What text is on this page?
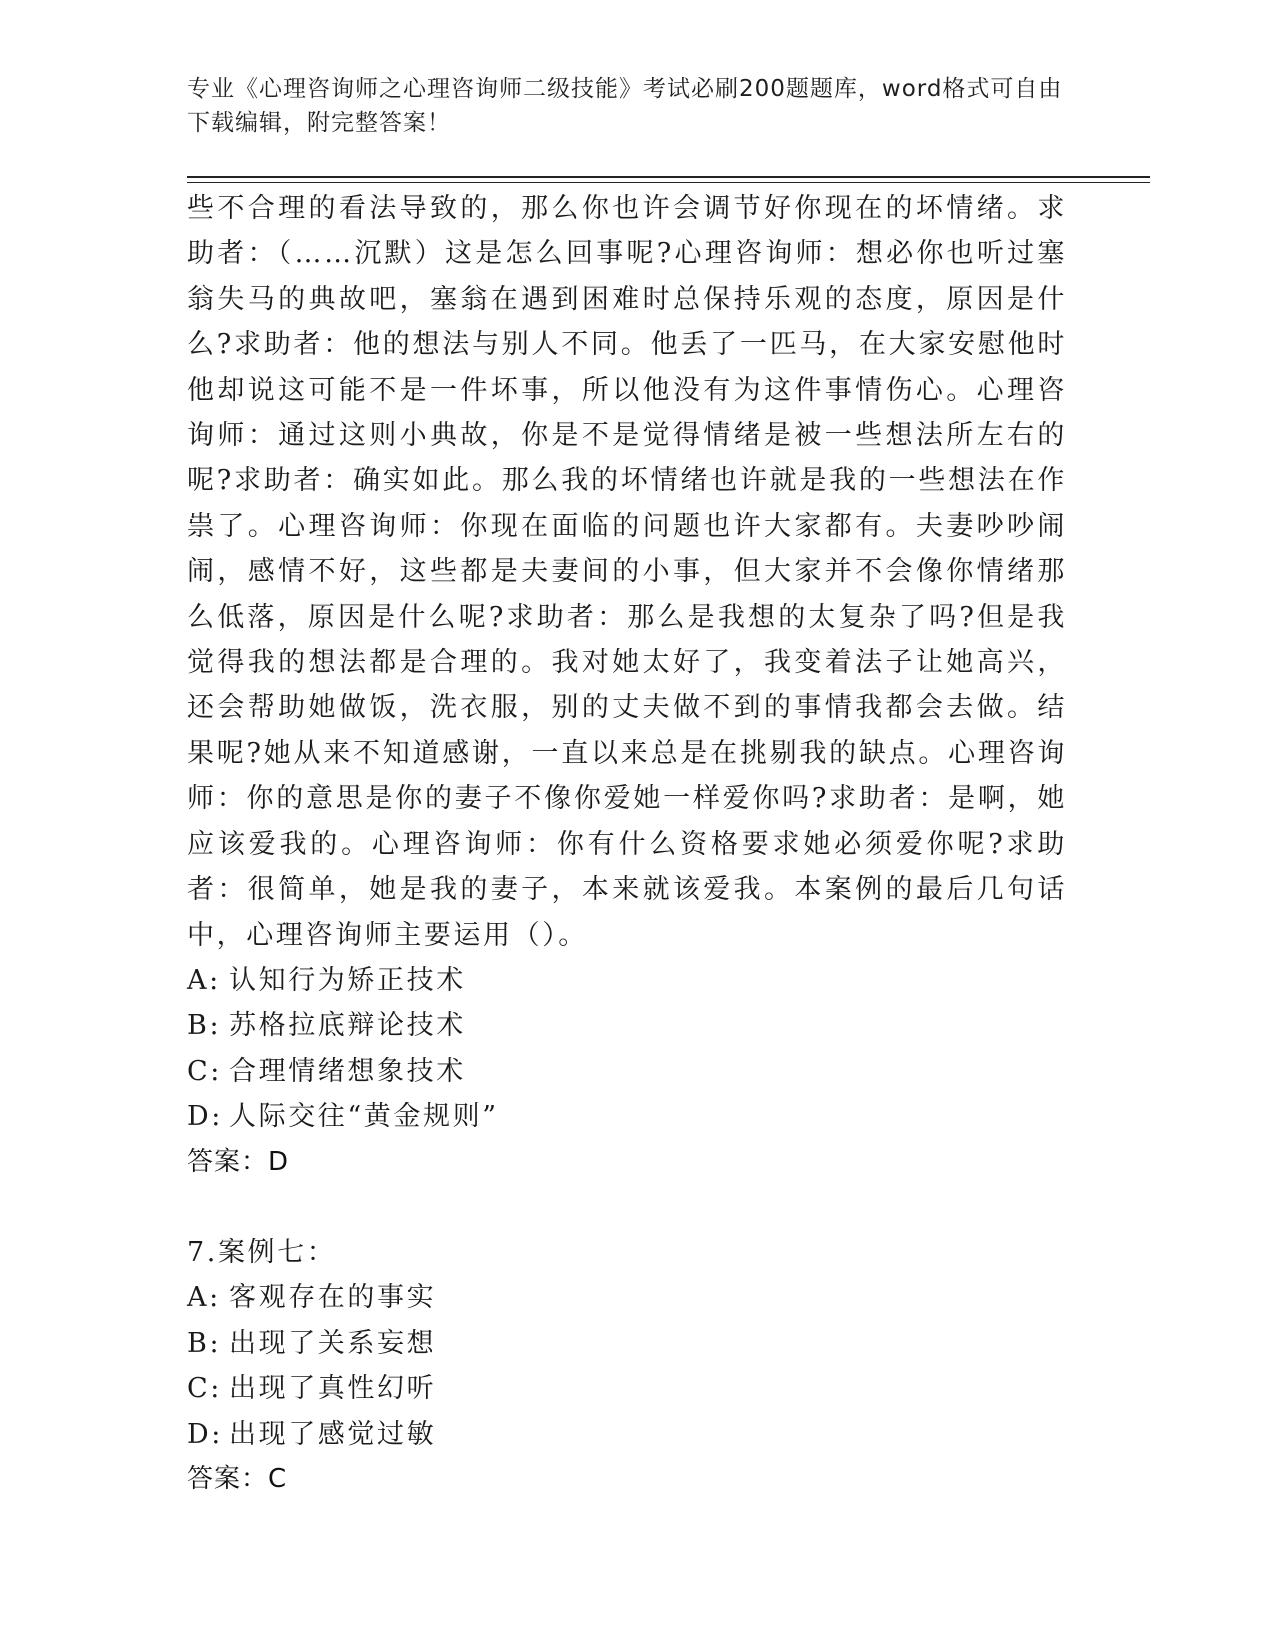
专业《心理咨询师之心理咨询师二级技能》考试必刷200题题库，word格式可自由下载编辑，附完整答案！

些不合理的看法导致的，那么你也许会调节好你现在的坏情绪。求助者：（……沉默）这是怎么回事呢?心理咨询师：想必你也听过塞翁失马的典故吧，塞翁在遇到困难时总保持乐观的态度，原因是什么?求助者：他的想法与别人不同。他丢了一匹马，在大家安慰他时他却说这可能不是一件坏事，所以他没有为这件事情伤心。心理咨询师：通过这则小典故，你是不是觉得情绪是被一些想法所左右的呢?求助者：确实如此。那么我的坏情绪也许就是我的一些想法在作祟了。心理咨询师：你现在面临的问题也许大家都有。夫妻吵吵闹闹，感情不好，这些都是夫妻间的小事，但大家并不会像你情绪那么低落，原因是什么呢?求助者：那么是我想的太复杂了吗?但是我觉得我的想法都是合理的。我对她太好了，我变着法子让她高兴，还会帮助她做饭，洗衣服，别的丈夫做不到的事情我都会去做。结果呢?她从来不知道感谢，一直以来总是在挑剔我的缺点。心理咨询师：你的意思是你的妻子不像你爱她一样爱你吗?求助者：是啊，她应该爱我的。心理咨询师：你有什么资格要求她必须爱你呢?求助者：很简单，她是我的妻子，本来就该爱我。本案例的最后几句话中，心理咨询师主要运用（）。

A: 认知行为矫正技术
B: 苏格拉底辩论技术
C: 合理情绪想象技术
D: 人际交往“黄金规则”
答案：D
7.案例七：
A: 客观存在的事实
B: 出现了关系妄想
C: 出现了真性幻听
D: 出现了感觉过敏
答案：C
